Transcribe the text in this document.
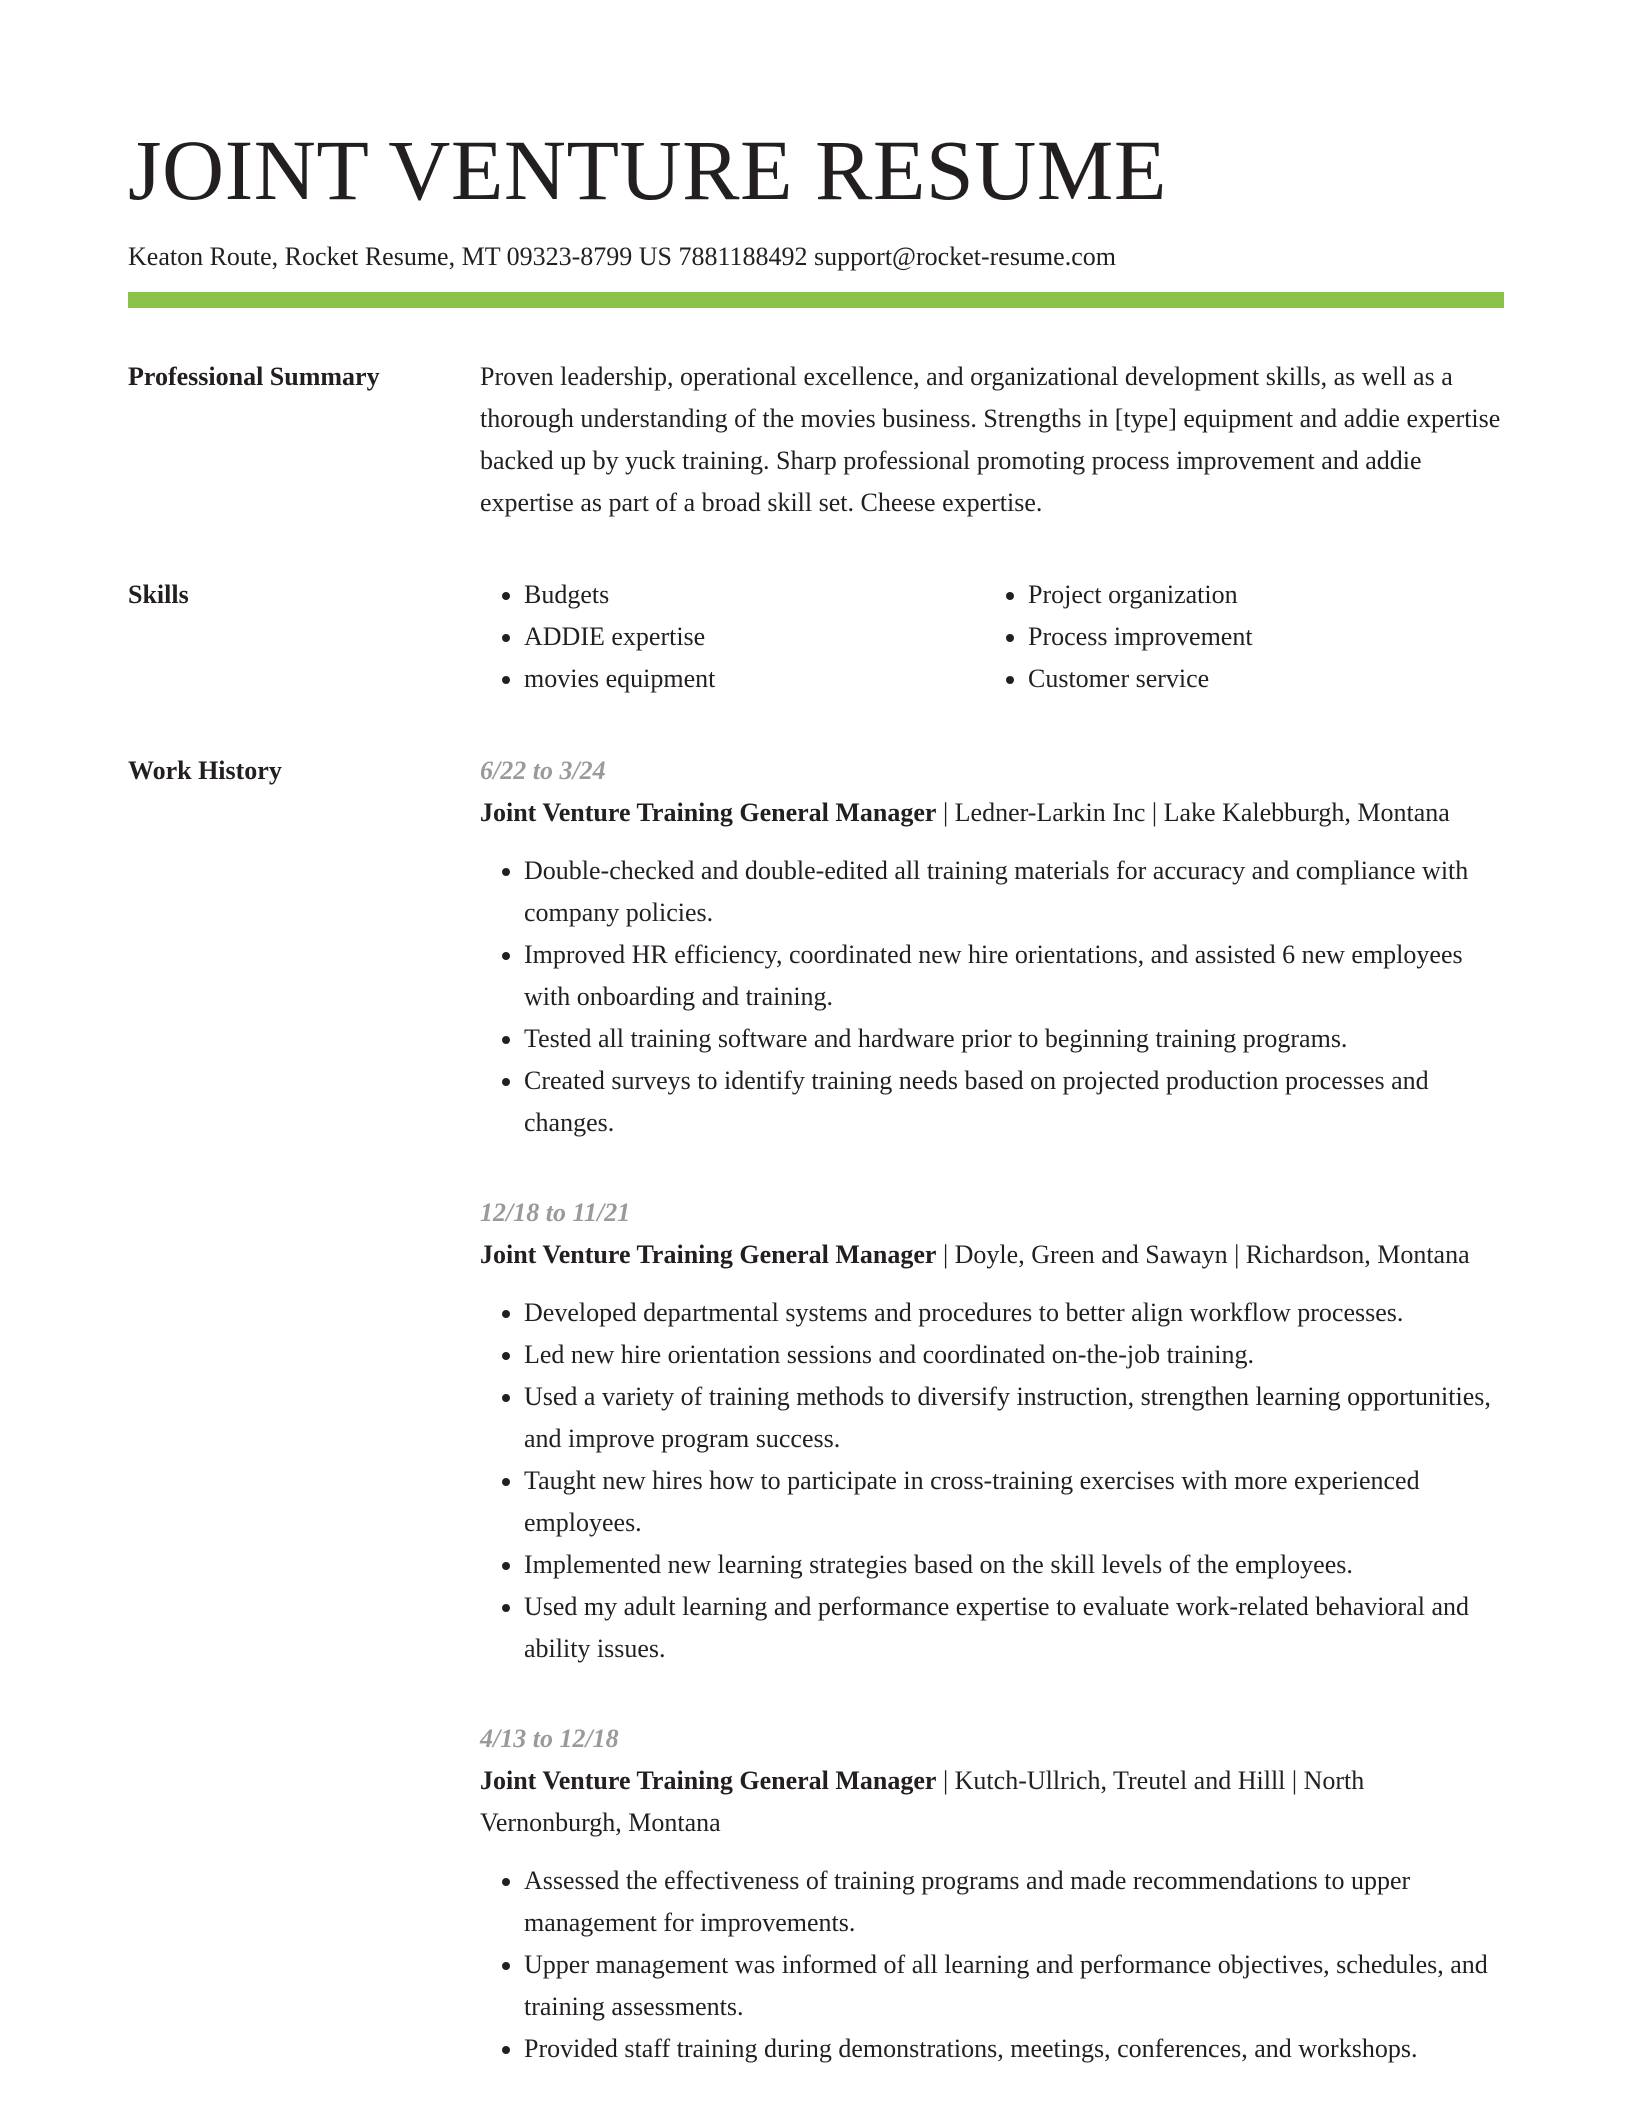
JOINT VENTURE RESUME
Keaton Route, Rocket Resume, MT 09323-8799 US 7881188492 support@rocket-resume.com
Professional Summary	Proven leadership, operational excellence, and organizational development skills, as well as a thorough understanding of the movies business. Strengths in [type] equipment and addie expertise backed up by yuck training. Sharp professional promoting process improvement and addie expertise as part of a broad skill set. Cheese expertise.

Skills
•	Budgets
• ADDIE expertise
• movies equipment
• Project organization
• Process improvement
• Customer service
Work History	6/22 to 3/24
Joint Venture Training General Manager | Ledner-Larkin Inc | Lake Kalebburgh, Montana
• Double-checked and double-edited all training materials for accuracy and compliance with company policies.
• Improved HR efficiency, coordinated new hire orientations, and assisted 6 new employees with onboarding and training.
• Tested all training software and hardware prior to beginning training programs.
• Created surveys to identify training needs based on projected production processes and changes.
12/18 to 11/21
Joint Venture Training General Manager | Doyle, Green and Sawayn | Richardson, Montana
• Developed departmental systems and procedures to better align workflow processes.
• Led new hire orientation sessions and coordinated on-the-job training.
• Used a variety of training methods to diversify instruction, strengthen learning opportunities, and improve program success.
• Taught new hires how to participate in cross-training exercises with more experienced employees.
• Implemented new learning strategies based on the skill levels of the employees.
• Used my adult learning and performance expertise to evaluate work-related behavioral and ability issues.
4/13 to 12/18
Joint Venture Training General Manager | Kutch-Ullrich, Treutel and Hilll | North Vernonburgh, Montana
• Assessed the effectiveness of training programs and made recommendations to upper management for improvements.
• Upper management was informed of all learning and performance objectives, schedules, and training assessments.
• Provided staff training during demonstrations, meetings, conferences, and workshops.
